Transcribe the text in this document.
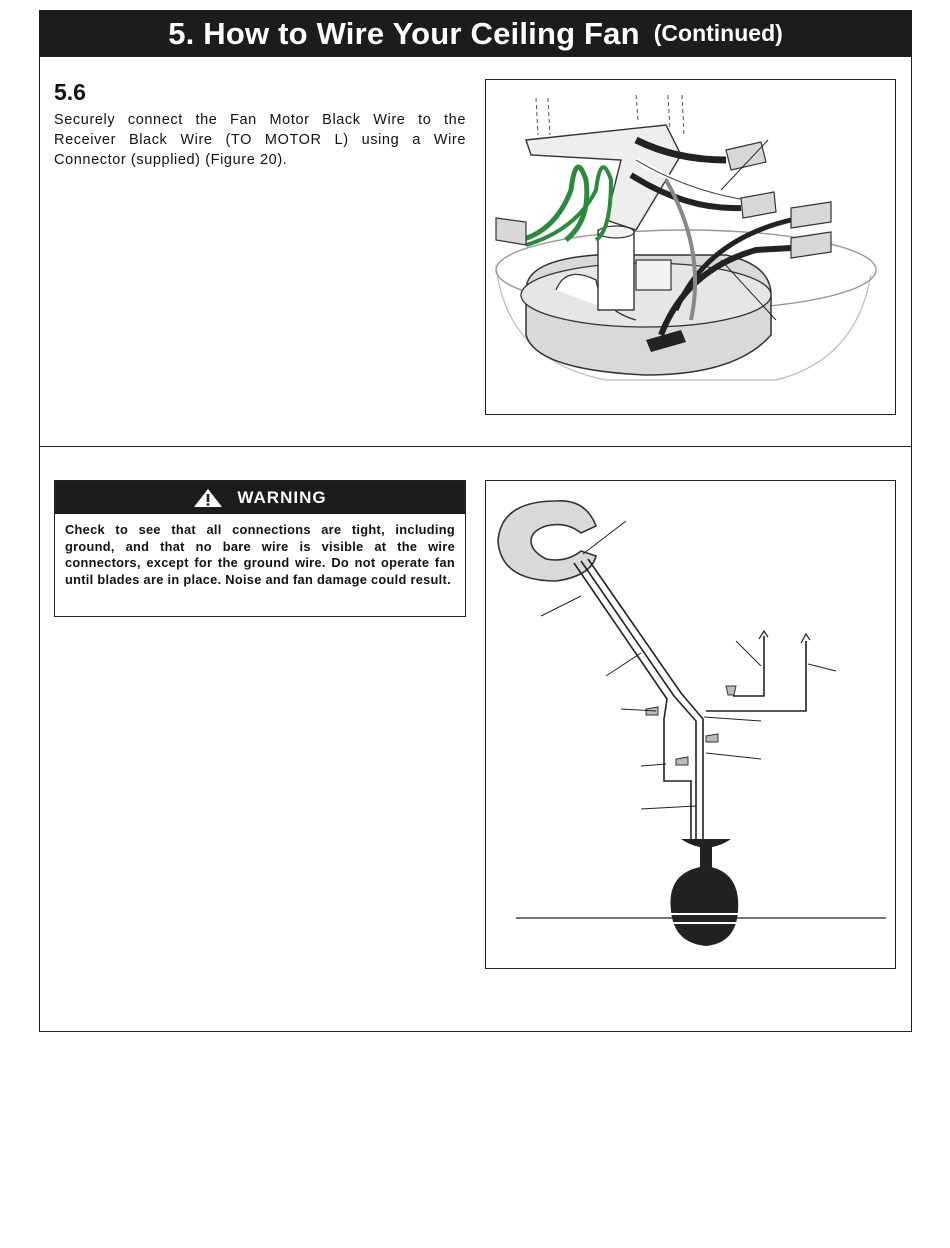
5. How to Wire Your Ceiling Fan (Continued)
5.6
Securely connect the Fan Motor Black Wire to the Receiver Black Wire (TO MOTOR L) using a Wire Connector (supplied) (Figure 20).
WARNING
Check to see that all connections are tight, including ground, and that no bare wire is visible at the wire connectors, except for the ground wire. Do not operate fan until blades are in place. Noise and fan damage could result.
